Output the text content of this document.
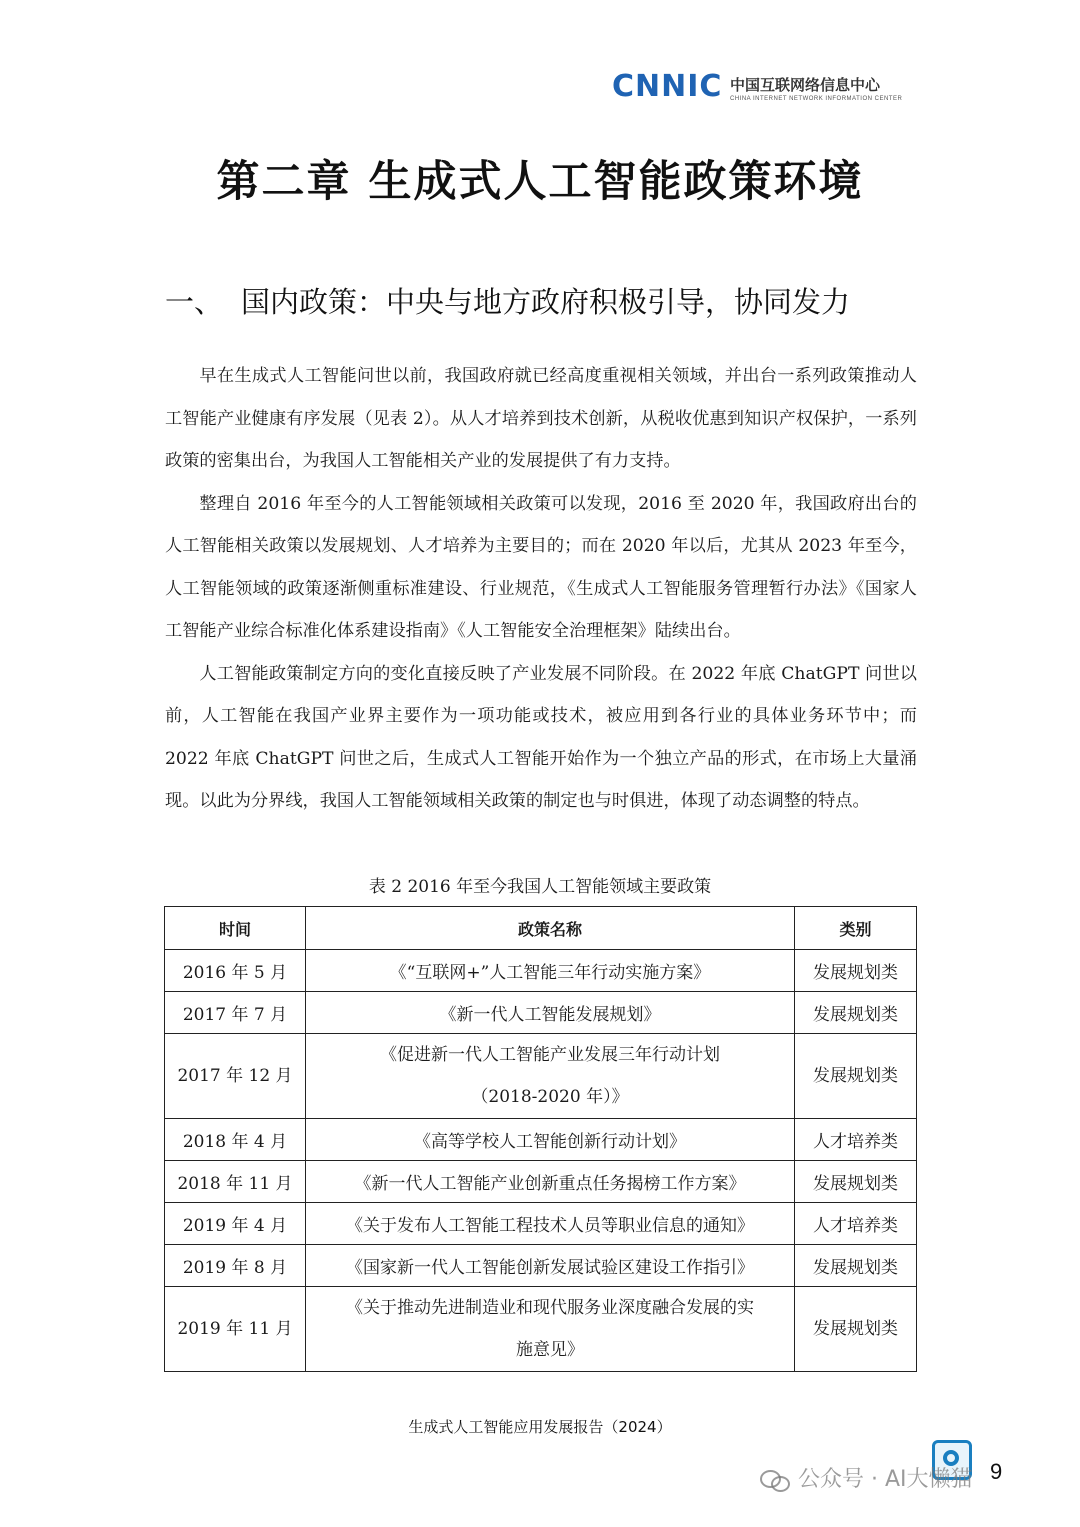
CNNIC 中国互联网络信息中心
CHINA INTERNET NETWORK INFORMATION CENTER
第二章 生成式人工智能政策环境
一、 国内政策：中央与地方政府积极引导，协同发力

早在生成式人工智能问世以前，我国政府就已经高度重视相关领域，并出台一系列政策推动人工智能产业健康有序发展（见表 2）。从人才培养到技术创新，从税收优惠到知识产权保护，一系列政策的密集出台，为我国人工智能相关产业的发展提供了有力支持。

整理自 2016 年至今的人工智能领域相关政策可以发现，2016 至 2020 年，我国政府出台的人工智能相关政策以发展规划、人才培养为主要目的；而在 2020 年以后，尤其从 2023 年至今，人工智能领域的政策逐渐侧重标准建设、行业规范，《生成式人工智能服务管理暂行办法》《国家人工智能产业综合标准化体系建设指南》《人工智能安全治理框架》陆续出台。

人工智能政策制定方向的变化直接反映了产业发展不同阶段。在 2022 年底 ChatGPT 问世以前，人工智能在我国产业界主要作为一项功能或技术，被应用到各行业的具体业务环节中；而 2022 年底 ChatGPT 问世之后，生成式人工智能开始作为一个独立产品的形式，在市场上大量涌现。以此为分界线，我国人工智能领域相关政策的制定也与时俱进，体现了动态调整的特点。

表 2 2016 年至今我国人工智能领域主要政策
时间	政策名称	类别
2016 年 5 月	《“互联网+”人工智能三年行动实施方案》	发展规划类
2017 年 7 月	《新一代人工智能发展规划》	发展规划类
2017 年 12 月	《促进新一代人工智能产业发展三年行动计划
（2018-2020 年）》	发展规划类
2018 年 4 月	《高等学校人工智能创新行动计划》	人才培养类
2018 年 11 月	《新一代人工智能产业创新重点任务揭榜工作方案》	发展规划类
2019 年 4 月	《关于发布人工智能工程技术人员等职业信息的通知》	人才培养类
2019 年 8 月	《国家新一代人工智能创新发展试验区建设工作指引》	发展规划类
2019 年 11 月	《关于推动先进制造业和现代服务业深度融合发展的实
施意见》	发展规划类
生成式人工智能应用发展报告（2024）
9
公众号 · AI大懒猫
